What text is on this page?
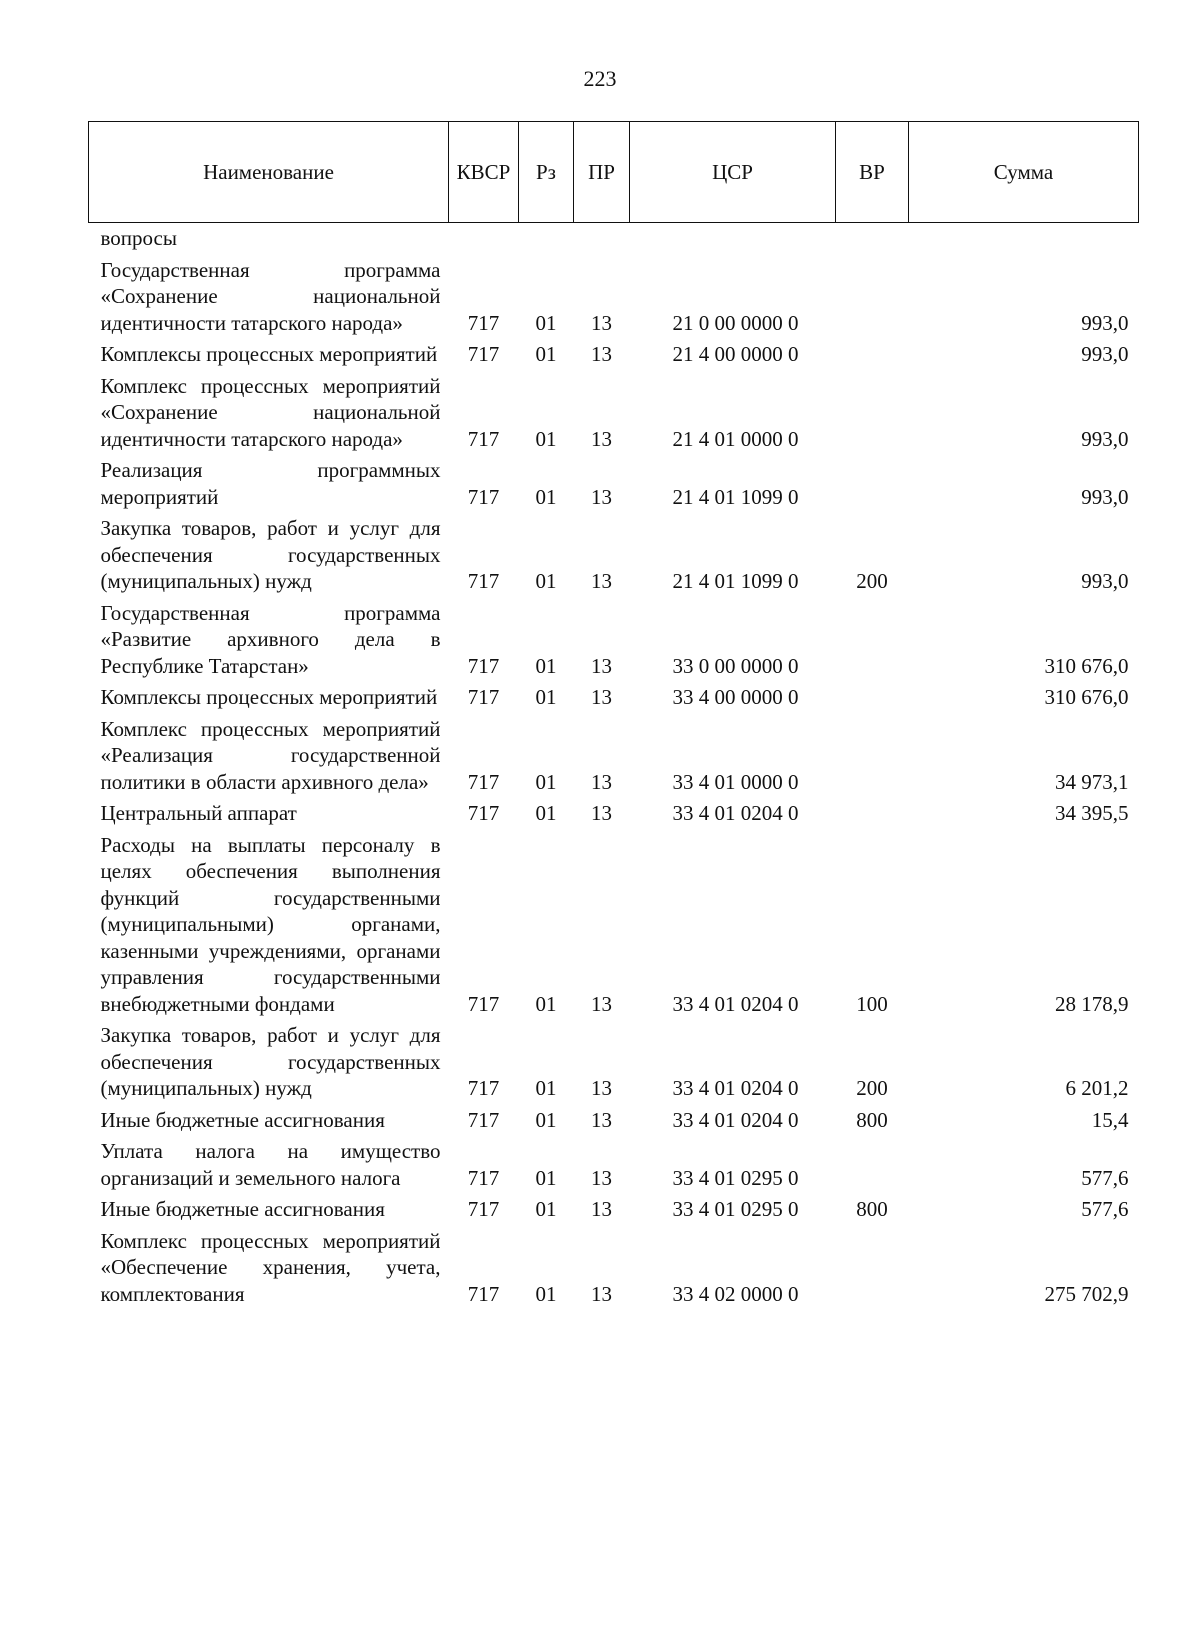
223
Наименование	КВСР	Рз	ПР	ЦСР	ВР	Сумма
вопросы						
Государственная программа «Сохранение национальной идентичности татарского народа»	717	01	13	21 0 00 0000 0		993,0
Комплексы процессных мероприятий	717	01	13	21 4 00 0000 0		993,0
Комплекс процессных мероприятий «Сохранение национальной идентичности татарского народа»	717	01	13	21 4 01 0000 0		993,0
Реализация программных мероприятий	717	01	13	21 4 01 1099 0		993,0
Закупка товаров, работ и услуг для обеспечения государственных (муниципальных) нужд	717	01	13	21 4 01 1099 0	200	993,0
Государственная программа «Развитие архивного дела в Республике Татарстан»	717	01	13	33 0 00 0000 0		310 676,0
Комплексы процессных мероприятий	717	01	13	33 4 00 0000 0		310 676,0
Комплекс процессных мероприятий «Реализация государственной политики в области архивного дела»	717	01	13	33 4 01 0000 0		34 973,1
Центральный аппарат	717	01	13	33 4 01 0204 0		34 395,5
Расходы на выплаты персоналу в целях обеспечения выполнения функций государственными (муниципальными) органами, казенными учреждениями, органами управления государственными внебюджетными фондами	717	01	13	33 4 01 0204 0	100	28 178,9
Закупка товаров, работ и услуг для обеспечения государственных (муниципальных) нужд	717	01	13	33 4 01 0204 0	200	6 201,2
Иные бюджетные ассигнования	717	01	13	33 4 01 0204 0	800	15,4
Уплата налога на имущество организаций и земельного налога	717	01	13	33 4 01 0295 0		577,6
Иные бюджетные ассигнования	717	01	13	33 4 01 0295 0	800	577,6
Комплекс процессных мероприятий «Обеспечение хранения, учета, комплектования	717	01	13	33 4 02 0000 0		275 702,9
